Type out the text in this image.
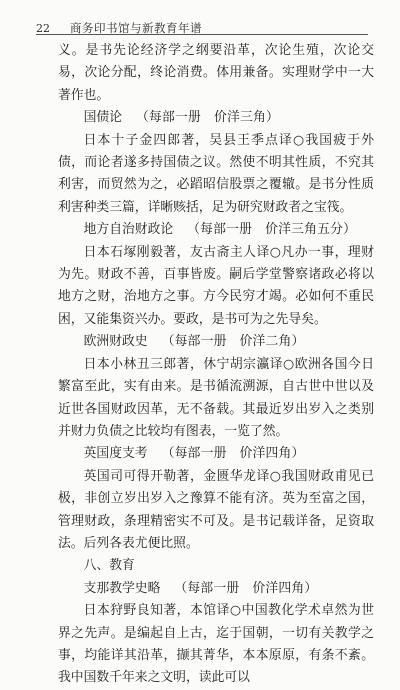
22	商务印书馆与新教育年谱

义。是书先论经济学之纲要沿革，次论生殖，次论交易，次论分配，终论消费。体用兼备。实理财学中一大著作也。

国债论 （每部一册　价洋三角）

日本十子金四郎著，吴县王季点译○我国疲于外债，而论者遂多持国债之议。然使不明其性质，不究其利害，而贸然为之，必蹈昭信股票之覆辙。是书分性质利害种类三篇，详晰赅括，足为研究财政者之宝筏。

地方自治财政论 （每部一册　价洋三角五分）

日本石塚刚毅著，友古斋主人译○凡办一事，理财为先。财政不善，百事皆废。嗣后学堂警察诸政必将以地方之财，治地方之事。方今民穷才竭。必如何不重民困，又能集资兴办。要政，是书可为之先导矣。

欧洲财政史 （每部一册　价洋二角）

日本小林丑三郎著，休宁胡宗瀛译○欧洲各国今日繁富至此，实有由来。是书循流溯源，自古世中世以及近世各国财政因革，无不备载。其最近岁出岁入之类别并财力负债之比较均有图表，一览了然。

英国度支考 （每部一册　价洋四角）

英国司可得开勒著，金匮华龙译○我国财政甫见已极，非创立岁出岁入之豫算不能有济。英为至富之国，管理财政，条理精密实不可及。是书记载详备，足资取法。后列各表尤便比照。

八、教育
支那教学史略 （每部一册　价洋四角）

日本狩野良知著，本馆译○中国教化学术卓然为世界之先声。是编起自上古，迄于国朝，一切有关教学之事，均能详其沿革，撷其菁华，本本原原，有条不紊。我中国数千年来之文明，读此可以
